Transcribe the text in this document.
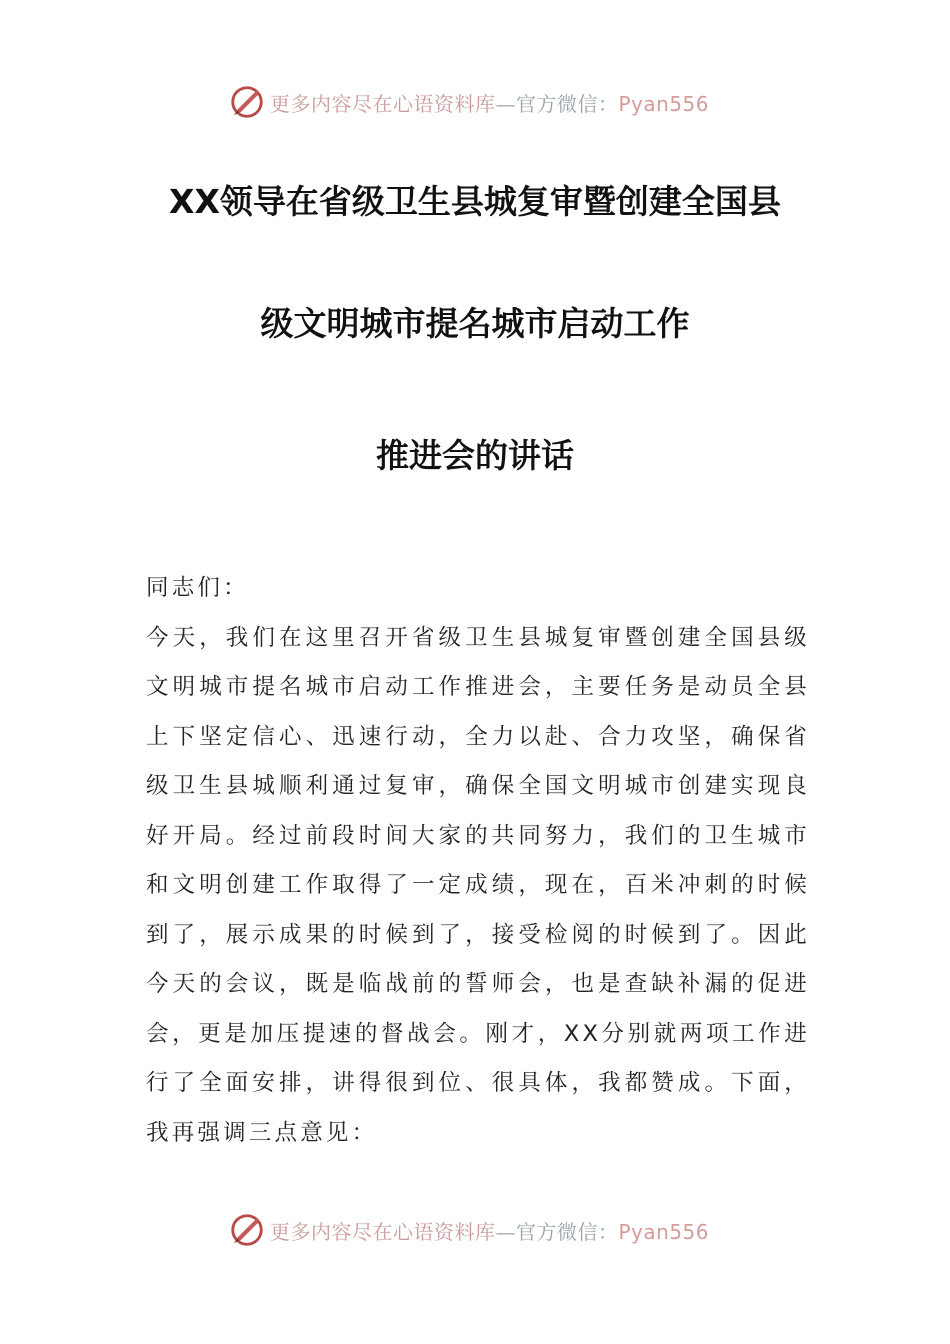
更多内容尽在心语资料库—官方微信：Pyan556
XX领导在省级卫生县城复审暨创建全国县
级文明城市提名城市启动工作
推进会的讲话

同志们：

今天，我们在这里召开省级卫生县城复审暨创建全国县级文明城市提名城市启动工作推进会，主要任务是动员全县上下坚定信心、迅速行动，全力以赴、合力攻坚，确保省级卫生县城顺利通过复审，确保全国文明城市创建实现良好开局。经过前段时间大家的共同努力，我们的卫生城市和文明创建工作取得了一定成绩，现在，百米冲刺的时候到了，展示成果的时候到了，接受检阅的时候到了。因此今天的会议，既是临战前的誓师会，也是查缺补漏的促进会，更是加压提速的督战会。刚才，XX分别就两项工作进行了全面安排，讲得很到位、很具体，我都赞成。下面，我再强调三点意见：

更多内容尽在心语资料库—官方微信：Pyan556
